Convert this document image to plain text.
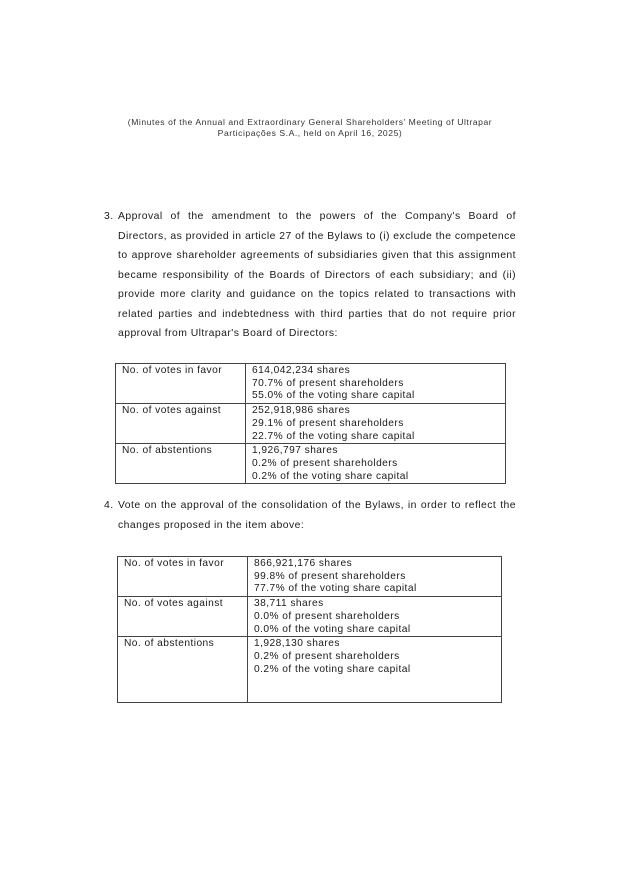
(Minutes of the Annual and Extraordinary General Shareholders' Meeting of Ultrapar
Participações S.A., held on April 16, 2025)
3. Approval of the amendment to the powers of the Company's Board of Directors, as provided in article 27 of the Bylaws to (i) exclude the competence to approve shareholder agreements of subsidiaries given that this assignment became responsibility of the Boards of Directors of each subsidiary; and (ii) provide more clarity and guidance on the topics related to transactions with related parties and indebtedness with third parties that do not require prior approval from Ultrapar's Board of Directors:
No. of votes in favor	614,042,234 shares
70.7% of present shareholders
55.0% of the voting share capital

No. of votes against	252,918,986 shares
29.1% of present shareholders
22.7% of the voting share capital

No. of abstentions	1,926,797 shares
0.2% of present shareholders
0.2% of the voting share capital
4. Vote on the approval of the consolidation of the Bylaws, in order to reflect the changes proposed in the item above:
No. of votes in favor	866,921,176 shares
99.8% of present shareholders
77.7% of the voting share capital

No. of votes against	38,711 shares
0.0% of present shareholders
0.0% of the voting share capital

No. of abstentions	1,928,130 shares
0.2% of present shareholders
0.2% of the voting share capital
